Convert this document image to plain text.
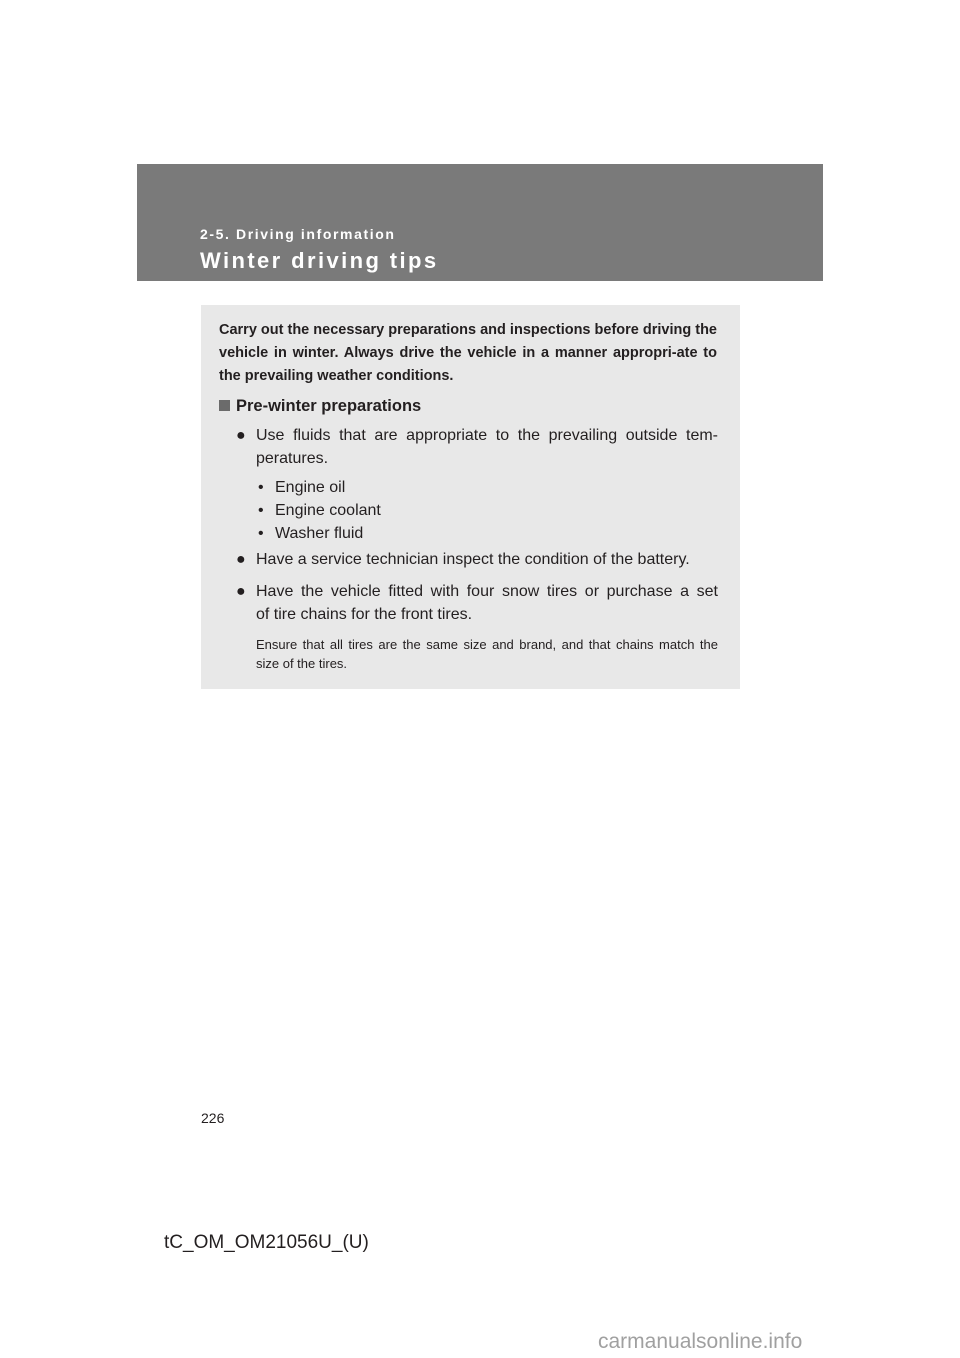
2-5. Driving information
Winter driving tips
Carry out the necessary preparations and inspections before driving the vehicle in winter. Always drive the vehicle in a manner appropri-ate to the prevailing weather conditions.
Pre-winter preparations
● Use fluids that are appropriate to the prevailing outside tem-
peratures.
• Engine oil
• Engine coolant
• Washer fluid
● Have a service technician inspect the condition of the battery.
● Have the vehicle fitted with four snow tires or purchase a set
of tire chains for the front tires.
Ensure that all tires are the same size and brand, and that chains match the size of the tires.
226
tC_OM_OM21056U_(U)
carmanualsonline.info
